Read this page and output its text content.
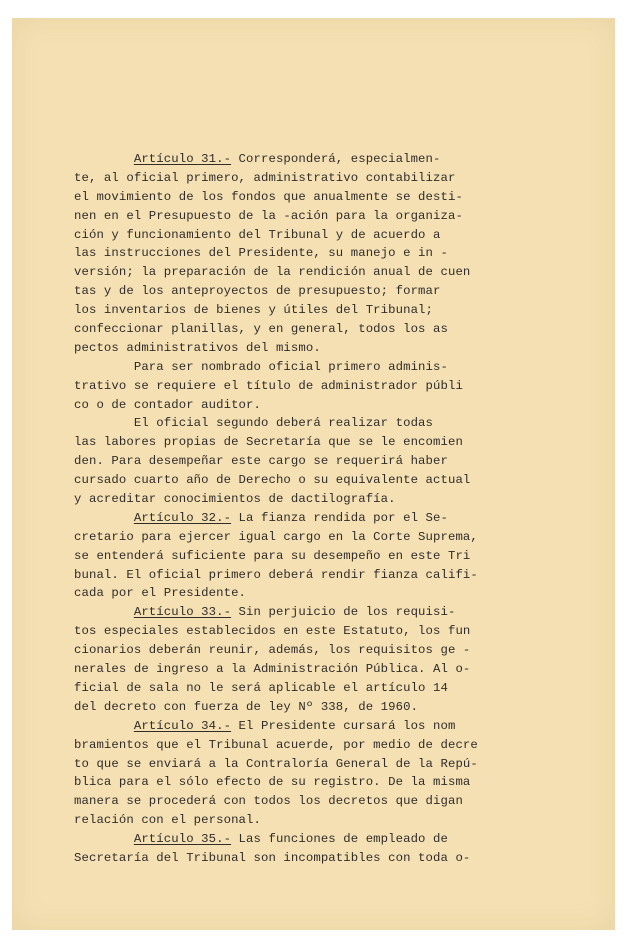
Artículo 31.- Corresponderá, especialmen-
te, al oficial primero, administrativo contabilizar
el movimiento de los fondos que anualmente se desti-
nen en el Presupuesto de la -ación para la organiza-
ción y funcionamiento del Tribunal y de acuerdo a
las instrucciones del Presidente, su manejo e in -
versión; la preparación de la rendición anual de cuen
tas y de los anteproyectos de presupuesto; formar
los inventarios de bienes y útiles del Tribunal;
confeccionar planillas, y en general, todos los as
pectos administrativos del mismo.
Para ser nombrado oficial primero adminis-
trativo se requiere el título de administrador públi
co o de contador auditor.
El oficial segundo deberá realizar todas
las labores propias de Secretaría que se le encomien
den. Para desempeñar este cargo se requerirá haber
cursado cuarto año de Derecho o su equivalente actual
y acreditar conocimientos de dactilografía.
Artículo 32.- La fianza rendida por el Se-
cretario para ejercer igual cargo en la Corte Suprema,
se entenderá suficiente para su desempeño en este Tri
bunal. El oficial primero deberá rendir fianza califi-
cada por el Presidente.
Artículo 33.- Sin perjuicio de los requisi-
tos especiales establecidos en este Estatuto, los fun
cionarios deberán reunir, además, los requisitos ge -
nerales de ingreso a la Administración Pública. Al o-
ficial de sala no le será aplicable el artículo 14
del decreto con fuerza de ley Nº 338, de 1960.
Artículo 34.- El Presidente cursará los nom
bramientos que el Tribunal acuerde, por medio de decre
to que se enviará a la Contraloría General de la Repú-
blica para el sólo efecto de su registro. De la misma
manera se procederá con todos los decretos que digan
relación con el personal.
Artículo 35.- Las funciones de empleado de
Secretaría del Tribunal son incompatibles con toda o-
